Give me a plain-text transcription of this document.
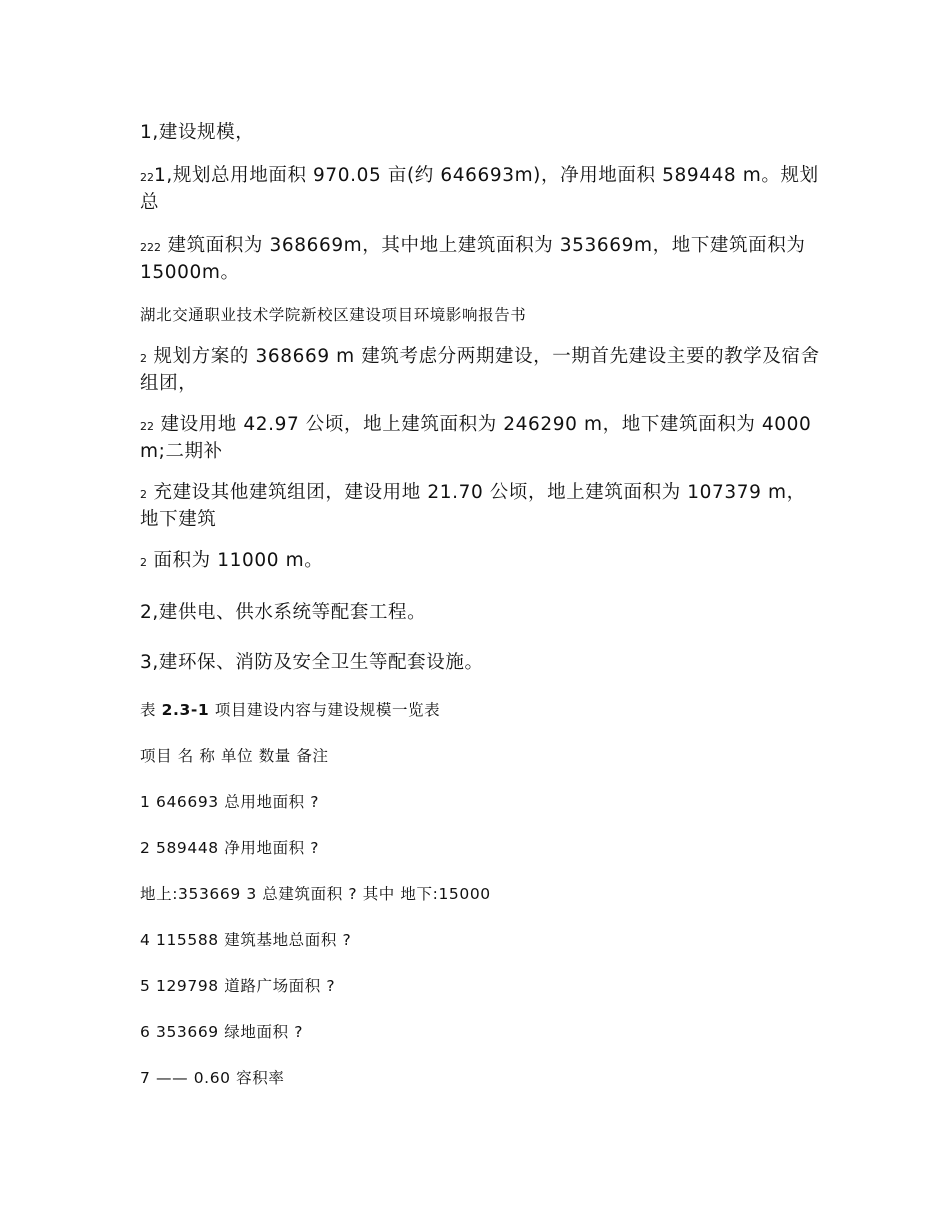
1,建设规模，

221,规划总用地面积 970.05 亩(约 646693m)，净用地面积 589448 m。规划总

222 建筑面积为 368669m，其中地上建筑面积为 353669m，地下建筑面积为 15000m。

湖北交通职业技术学院新校区建设项目环境影响报告书

2 规划方案的 368669 m 建筑考虑分两期建设，一期首先建设主要的教学及宿舍组团，

22 建设用地 42.97 公顷，地上建筑面积为 246290 m，地下建筑面积为 4000 m;二期补

2 充建设其他建筑组团，建设用地 21.70 公顷，地上建筑面积为 107379 m，地下建筑

2 面积为 11000 m。

2,建供电、供水系统等配套工程。

3,建环保、消防及安全卫生等配套设施。

表 2.3-1 项目建设内容与建设规模一览表

项目 名 称 单位 数量 备注

1 646693 总用地面积 ?

2 589448 净用地面积 ?

地上:353669 3 总建筑面积 ? 其中 地下:15000

4 115588 建筑基地总面积 ?

5 129798 道路广场面积 ?

6 353669 绿地面积 ?

7 —— 0.60 容积率
